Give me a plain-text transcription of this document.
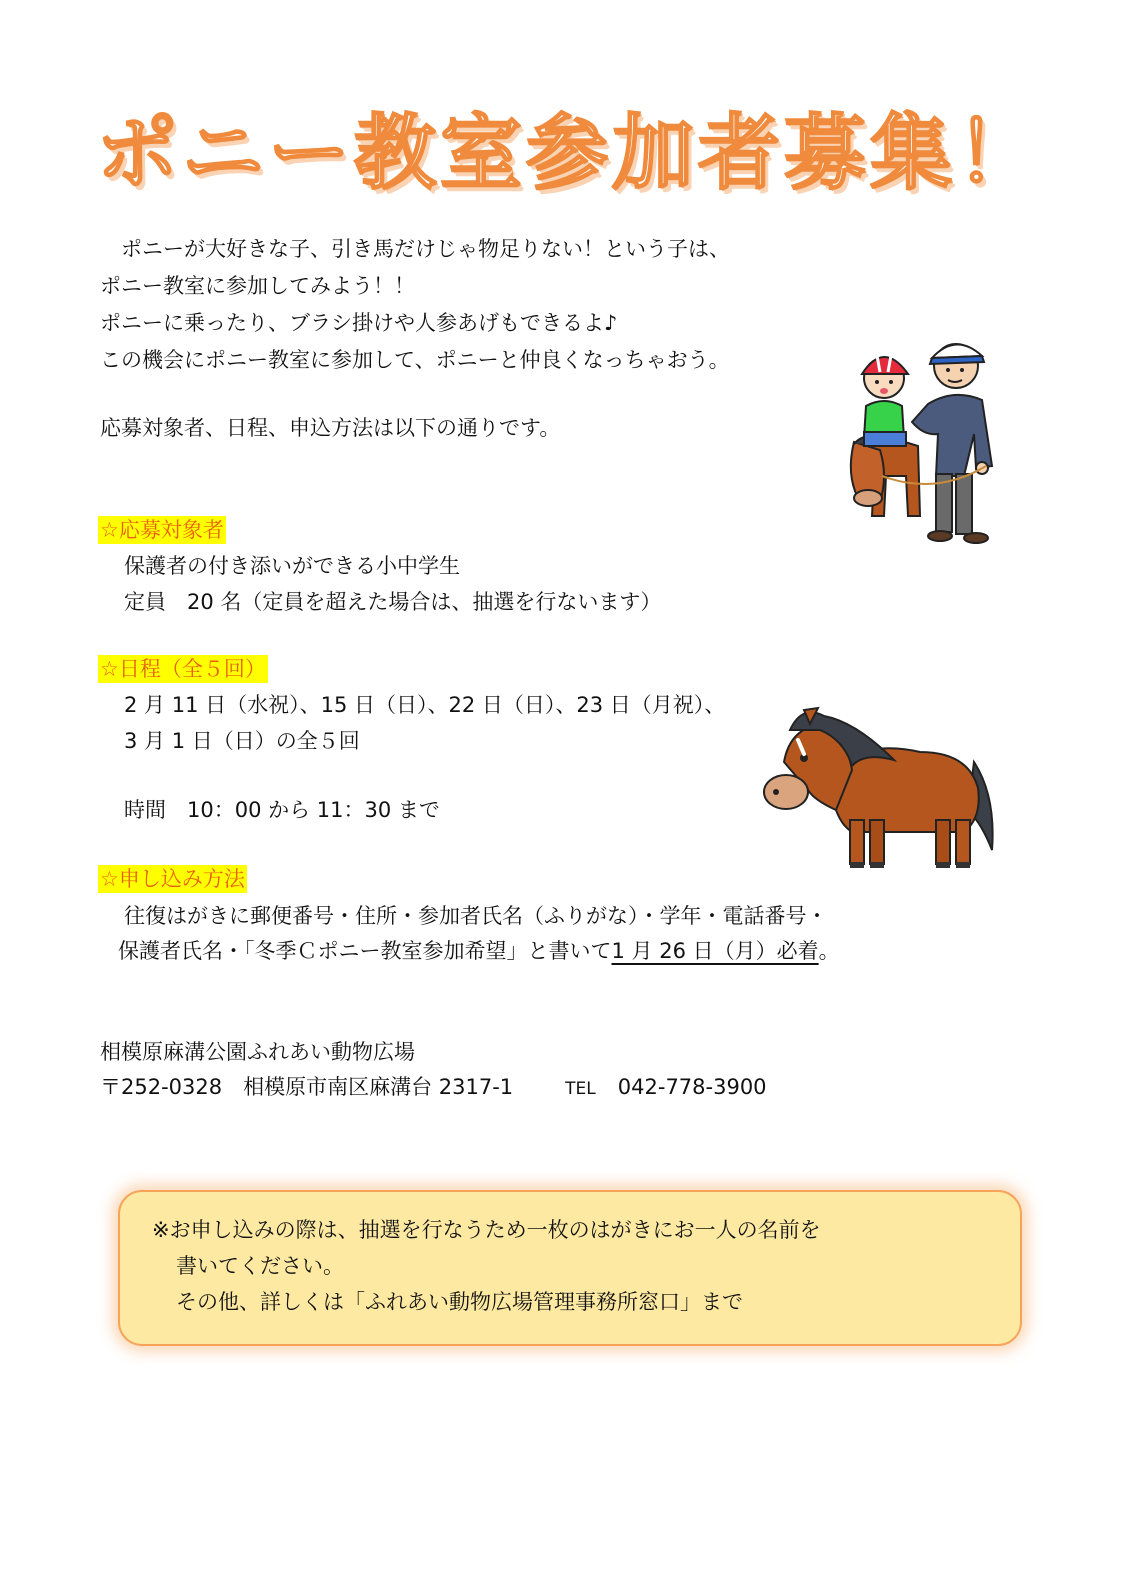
ポニー教室参加者募集！
　ポニーが大好きな子、引き馬だけじゃ物足りない！という子は、
ポニー教室に参加してみよう！！
ポニーに乗ったり、ブラシ掛けや人参あげもできるよ♪
この機会にポニー教室に参加して、ポニーと仲良くなっちゃおう。
応募対象者、日程、申込方法は以下の通りです。
☆応募対象者
保護者の付き添いができる小中学生
定員　20 名（定員を超えた場合は、抽選を行ないます）
☆日程（全５回）
2 月 11 日（水祝）、15 日（日）、22 日（日）、23 日（月祝）、
3 月 1 日（日）の全５回
時間　10：00 から 11：30 まで
☆申し込み方法
往復はがきに郵便番号・住所・参加者氏名（ふりがな）・学年・電話番号・
保護者氏名・「冬季Ｃポニー教室参加希望」と書いて1 月 26 日（月）必着。
相模原麻溝公園ふれあい動物広場
〒252-0328　相模原市南区麻溝台 2317-1	TEL 042-778-3900
※お申し込みの際は、抽選を行なうため一枚のはがきにお一人の名前を
書いてください。
その他、詳しくは「ふれあい動物広場管理事務所窓口」まで
